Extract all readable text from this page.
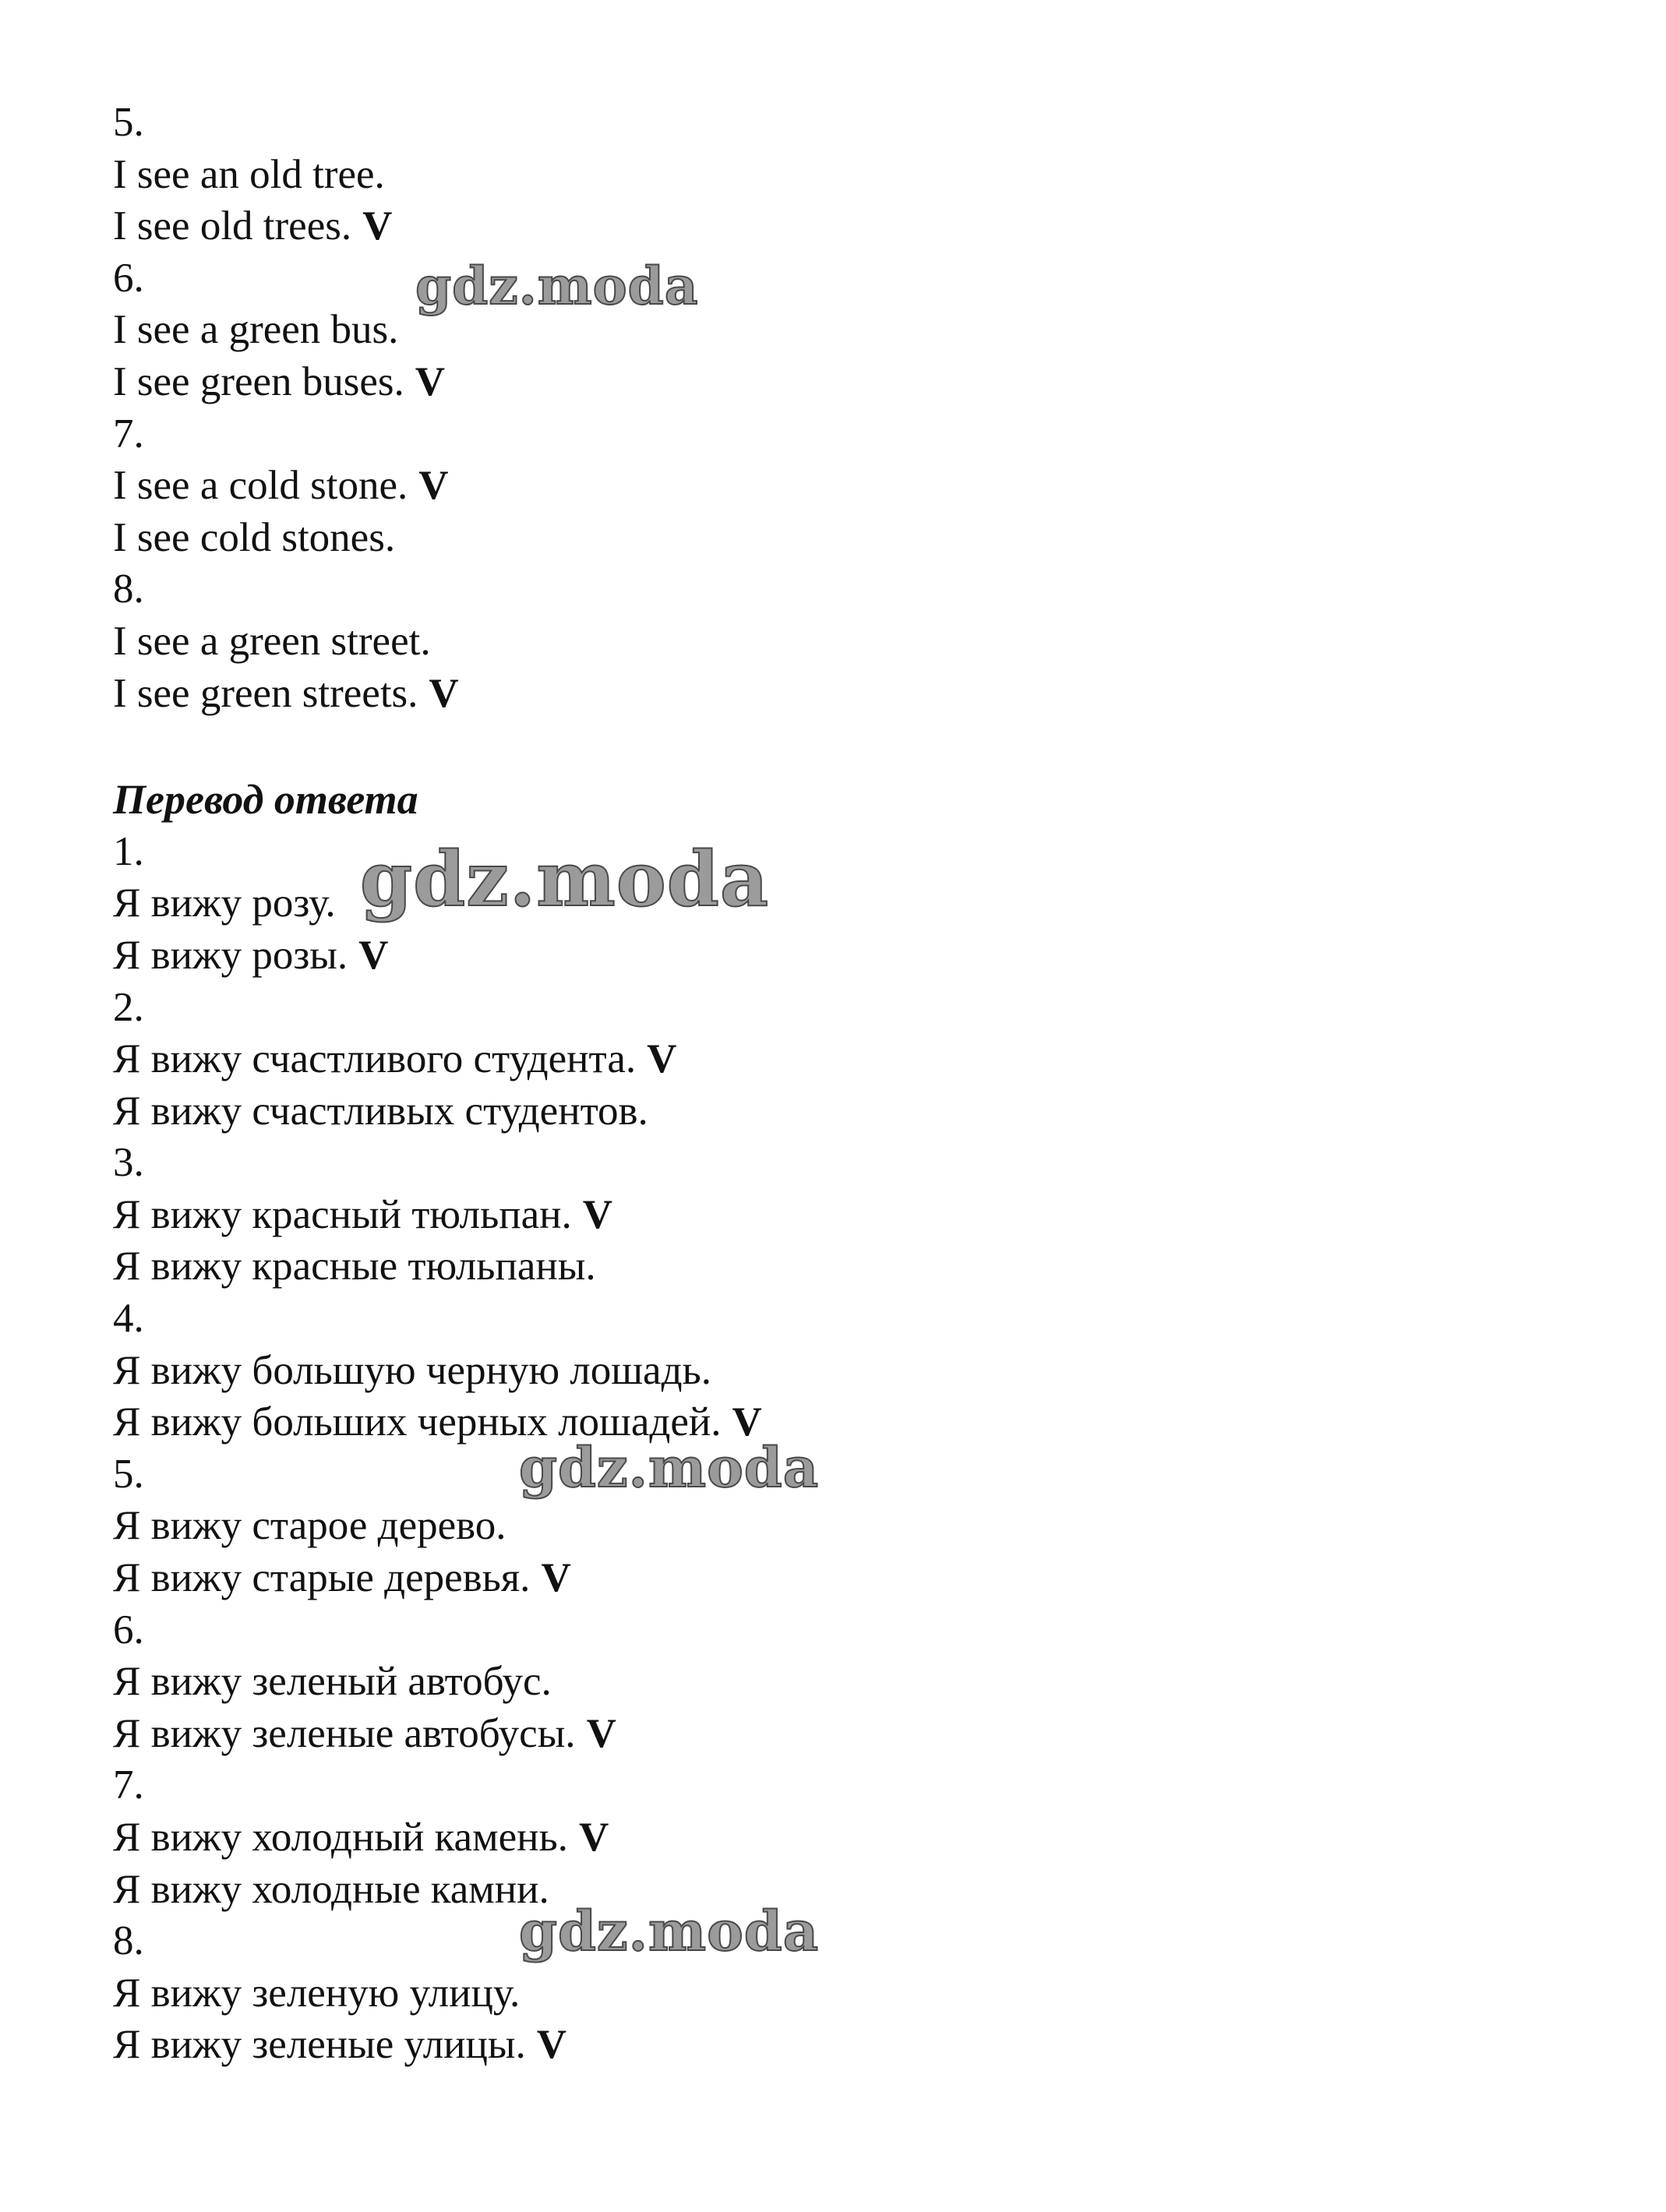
5.
I see an old tree.
I see old trees. V
6.
I see a green bus.
I see green buses. V
7.
I see a cold stone. V
I see cold stones.
8.
I see a green street.
I see green streets. V
Перевод ответа
1.
Я вижу розу.
Я вижу розы. V
2.
Я вижу счастливого студента. V
Я вижу счастливых студентов.
3.
Я вижу красный тюльпан. V
Я вижу красные тюльпаны.
4.
Я вижу большую черную лошадь.
Я вижу больших черных лошадей. V
5.
Я вижу старое дерево.
Я вижу старые деревья. V
6.
Я вижу зеленый автобус.
Я вижу зеленые автобусы. V
7.
Я вижу холодный камень. V
Я вижу холодные камни.
8.
Я вижу зеленую улицу.
Я вижу зеленые улицы. V
gdz.moda
gdz.moda
gdz.moda
gdz.moda
